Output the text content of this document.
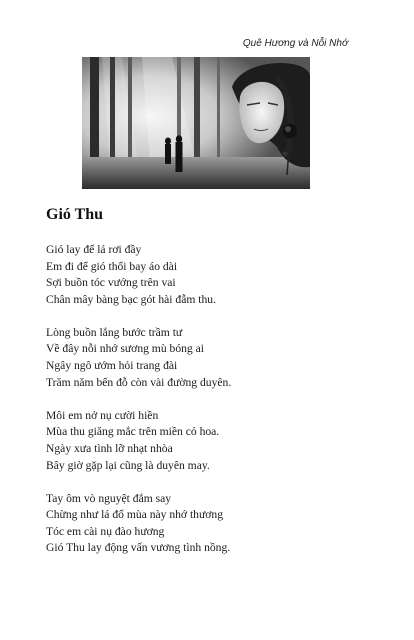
Quê Hương và Nỗi Nhớ
Gió Thu
Gió lay để lá rơi đầy
Em đi để gió thổi bay áo dài
Sợi buồn tóc vướng trên vai
Chân mây bàng bạc gót hài đẫm thu.
Lòng buồn lắng bước trầm tư
Về đây nỗi nhớ sương mù bóng ai
Ngây ngô ướm hỏi trang đài
Trăm năm bến đỗ còn vài đường duyên.
Môi em nở nụ cười hiền
Mùa thu giăng mắc trên miền cỏ hoa.
Ngày xưa tình lỡ nhạt nhòa
Bây giờ gặp lại cũng là duyên may.
Tay ôm vò nguyệt đắm say
Chừng như lá đổ mùa này nhớ thương
Tóc em cài nụ đào hương
Gió Thu lay động vấn vương tình nồng.
